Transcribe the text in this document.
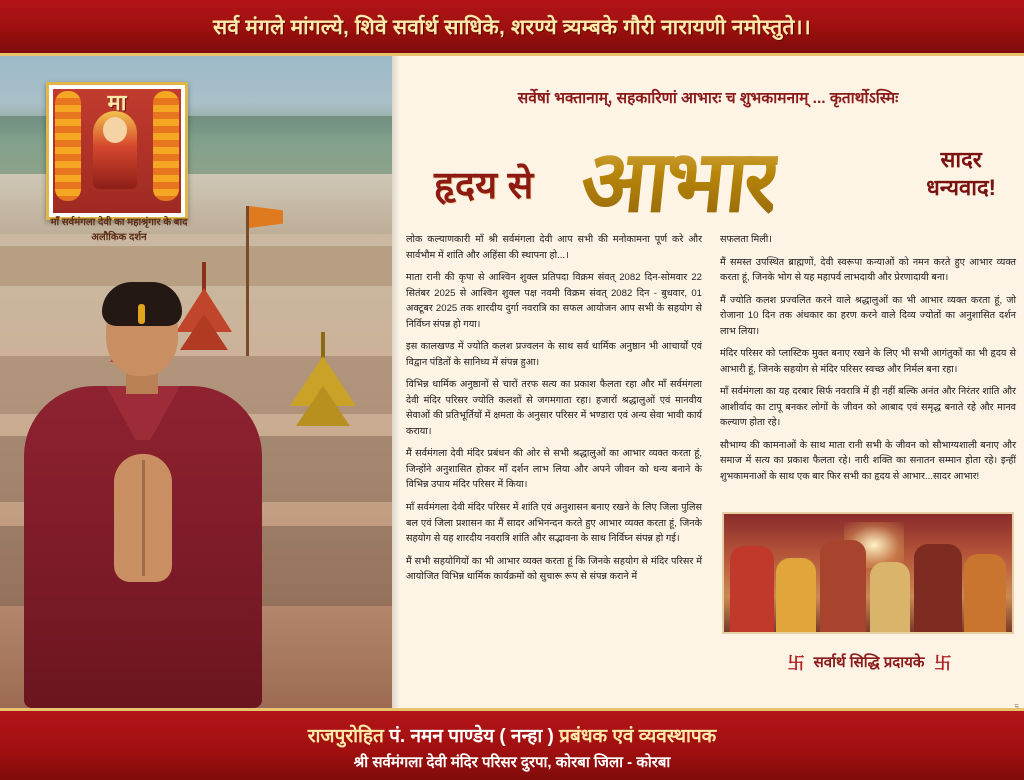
सर्व मंगले मांगल्ये, शिवे सर्वार्थ साधिके, शरण्ये त्र्यम्बके गौरी नारायणी नमोस्तुते।।
मा
माँ सर्वमंगला देवी का महाश्रृंगार के बाद अलौकिक दर्शन
सर्वेषां भक्तानाम्, सहकारिणां आभारः च शुभकामनाम् ... कृतार्थोऽस्मिः
हृदय से आभार	सादर
धन्यवाद!

लोक कल्याणकारी माँ श्री सर्वमंगला देवी आप सभी की मनोकामना पूर्ण करे और सार्वभौम में शांति और अहिंसा की स्थापना हो...।

माता रानी की कृपा से आश्विन शुक्ल प्रतिपदा विक्रम संवत् 2082 दिन-सोमवार 22 सितंबर 2025 से आश्विन शुक्ल पक्ष नवमी विक्रम संवत् 2082 दिन - बुधवार, 01 अक्टूबर 2025 तक शारदीय दुर्गा नवरात्रि का सफल आयोजन आप सभी के सहयोग से निर्विघ्न संपन्न हो गया।

इस कालखण्ड में ज्योति कलश प्रज्वलन के साथ सर्व धार्मिक अनुष्ठान भी आचार्यों एवं विद्वान पंडितों के सानिध्य में संपन्न हुआ।

विभिन्न धार्मिक अनुष्ठानों से चारों तरफ सत्य का प्रकाश फैलता रहा और माँ सर्वमंगला देवी मंदिर परिसर ज्योति कलशों से जगमगाता रहा। हजारों श्रद्धालुओं एवं मानवीय सेवाओं की प्रतिभूर्तियों में क्षमता के अनुसार परिसर में भण्डारा एवं अन्य सेवा भावी कार्य कराया।

मैं सर्वमंगला देवी मंदिर प्रबंधन की ओर से सभी श्रद्धालुओं का आभार व्यक्त करता हूं, जिन्होंने अनुशासित होकर माँ दर्शन लाभ लिया और अपने जीवन को धन्य बनाने के विभिन्न उपाय मंदिर परिसर में किया।

माँ सर्वमंगला देवी मंदिर परिसर में शांति एवं अनुशासन बनाए रखने के लिए जिला पुलिस बल एवं जिला प्रशासन का मैं सादर अभिनन्दन करते हुए आभार व्यक्त करता हूं, जिनके सहयोग से यह शारदीय नवरात्रि शांति और सद्भावना के साथ निर्विघ्न संपन्न हो गई।

मैं सभी सहयोगियों का भी आभार व्यक्त करता हूं कि जिनके सहयोग से मंदिर परिसर में आयोजित विभिन्न धार्मिक कार्यक्रमों को सुचारू रूप से संपन्न कराने में

सफलता मिली।

मैं समस्त उपस्थित ब्राह्मणों, देवी स्वरूपा कन्याओं को नमन करते हुए आभार व्यक्त करता हूं, जिनके भोग से यह महापर्व लाभदायी और प्रेरणादायी बना।

मैं ज्योति कलश प्रज्वलित करने वाले श्रद्धालुओं का भी आभार व्यक्त करता हूं, जो रोजाना 10 दिन तक अंधकार का हरण करने वाले दिव्य ज्योतों का अनुशासित दर्शन लाभ लिया।

मंदिर परिसर को प्लास्टिक मुक्त बनाए रखने के लिए भी सभी आगंतुकों का भी हृदय से आभारी हूं, जिनके सहयोग से मंदिर परिसर स्वच्छ और निर्मल बना रहा।

माँ सर्वमंगला का यह दरबार सिर्फ नवरात्रि में ही नहीं बल्कि अनंत और निरंतर शांति और आशीर्वाद का टापू बनकर लोगों के जीवन को आबाद एवं समृद्ध बनाते रहे और मानव कल्याण होता रहे।

सौभाग्य की कामनाओं के साथ माता रानी सभी के जीवन को सौभाग्यशाली बनाए और समाज में सत्य का प्रकाश फैलता रहे। नारी शक्ति का सनातन सम्मान होता रहे। इन्हीं शुभकामनाओं के साथ एक बार फिर सभी का हृदय से आभार...सादर आभार!

卐 सर्वार्थ सिद्धि प्रदायके 卐
राजपुरोहित पं. नमन पाण्डेय ( नन्हा ) प्रबंधक एवं व्यवस्थापक
श्री सर्वमंगला देवी मंदिर परिसर दुरपा, कोरबा जिला - कोरबा
